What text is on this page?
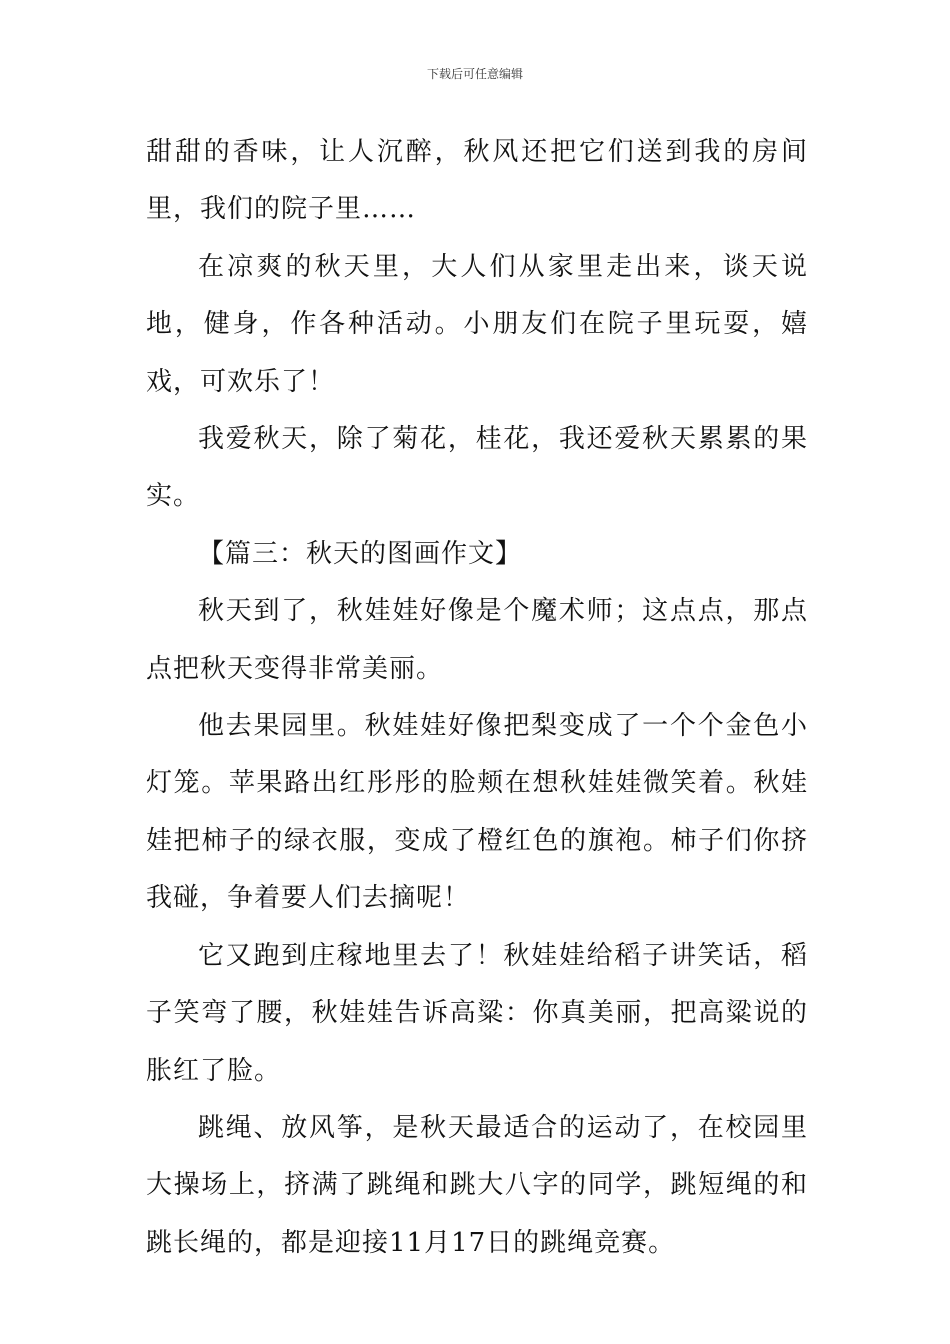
下载后可任意编辑

甜甜的香味，让人沉醉，秋风还把它们送到我的房间里，我们的院子里……

在凉爽的秋天里，大人们从家里走出来，谈天说地，健身，作各种活动。小朋友们在院子里玩耍，嬉戏，可欢乐了！

我爱秋天，除了菊花，桂花，我还爱秋天累累的果实。

【篇三：秋天的图画作文】

秋天到了，秋娃娃好像是个魔术师；这点点，那点点把秋天变得非常美丽。

他去果园里。秋娃娃好像把梨变成了一个个金色小灯笼。苹果路出红彤彤的脸颊在想秋娃娃微笑着。秋娃娃把柿子的绿衣服，变成了橙红色的旗袍。柿子们你挤我碰，争着要人们去摘呢！

它又跑到庄稼地里去了！秋娃娃给稻子讲笑话，稻子笑弯了腰，秋娃娃告诉高粱：你真美丽，把高粱说的胀红了脸。

跳绳、放风筝，是秋天最适合的运动了，在校园里大操场上，挤满了跳绳和跳大八字的同学，跳短绳的和跳长绳的，都是迎接11月17日的跳绳竞赛。
